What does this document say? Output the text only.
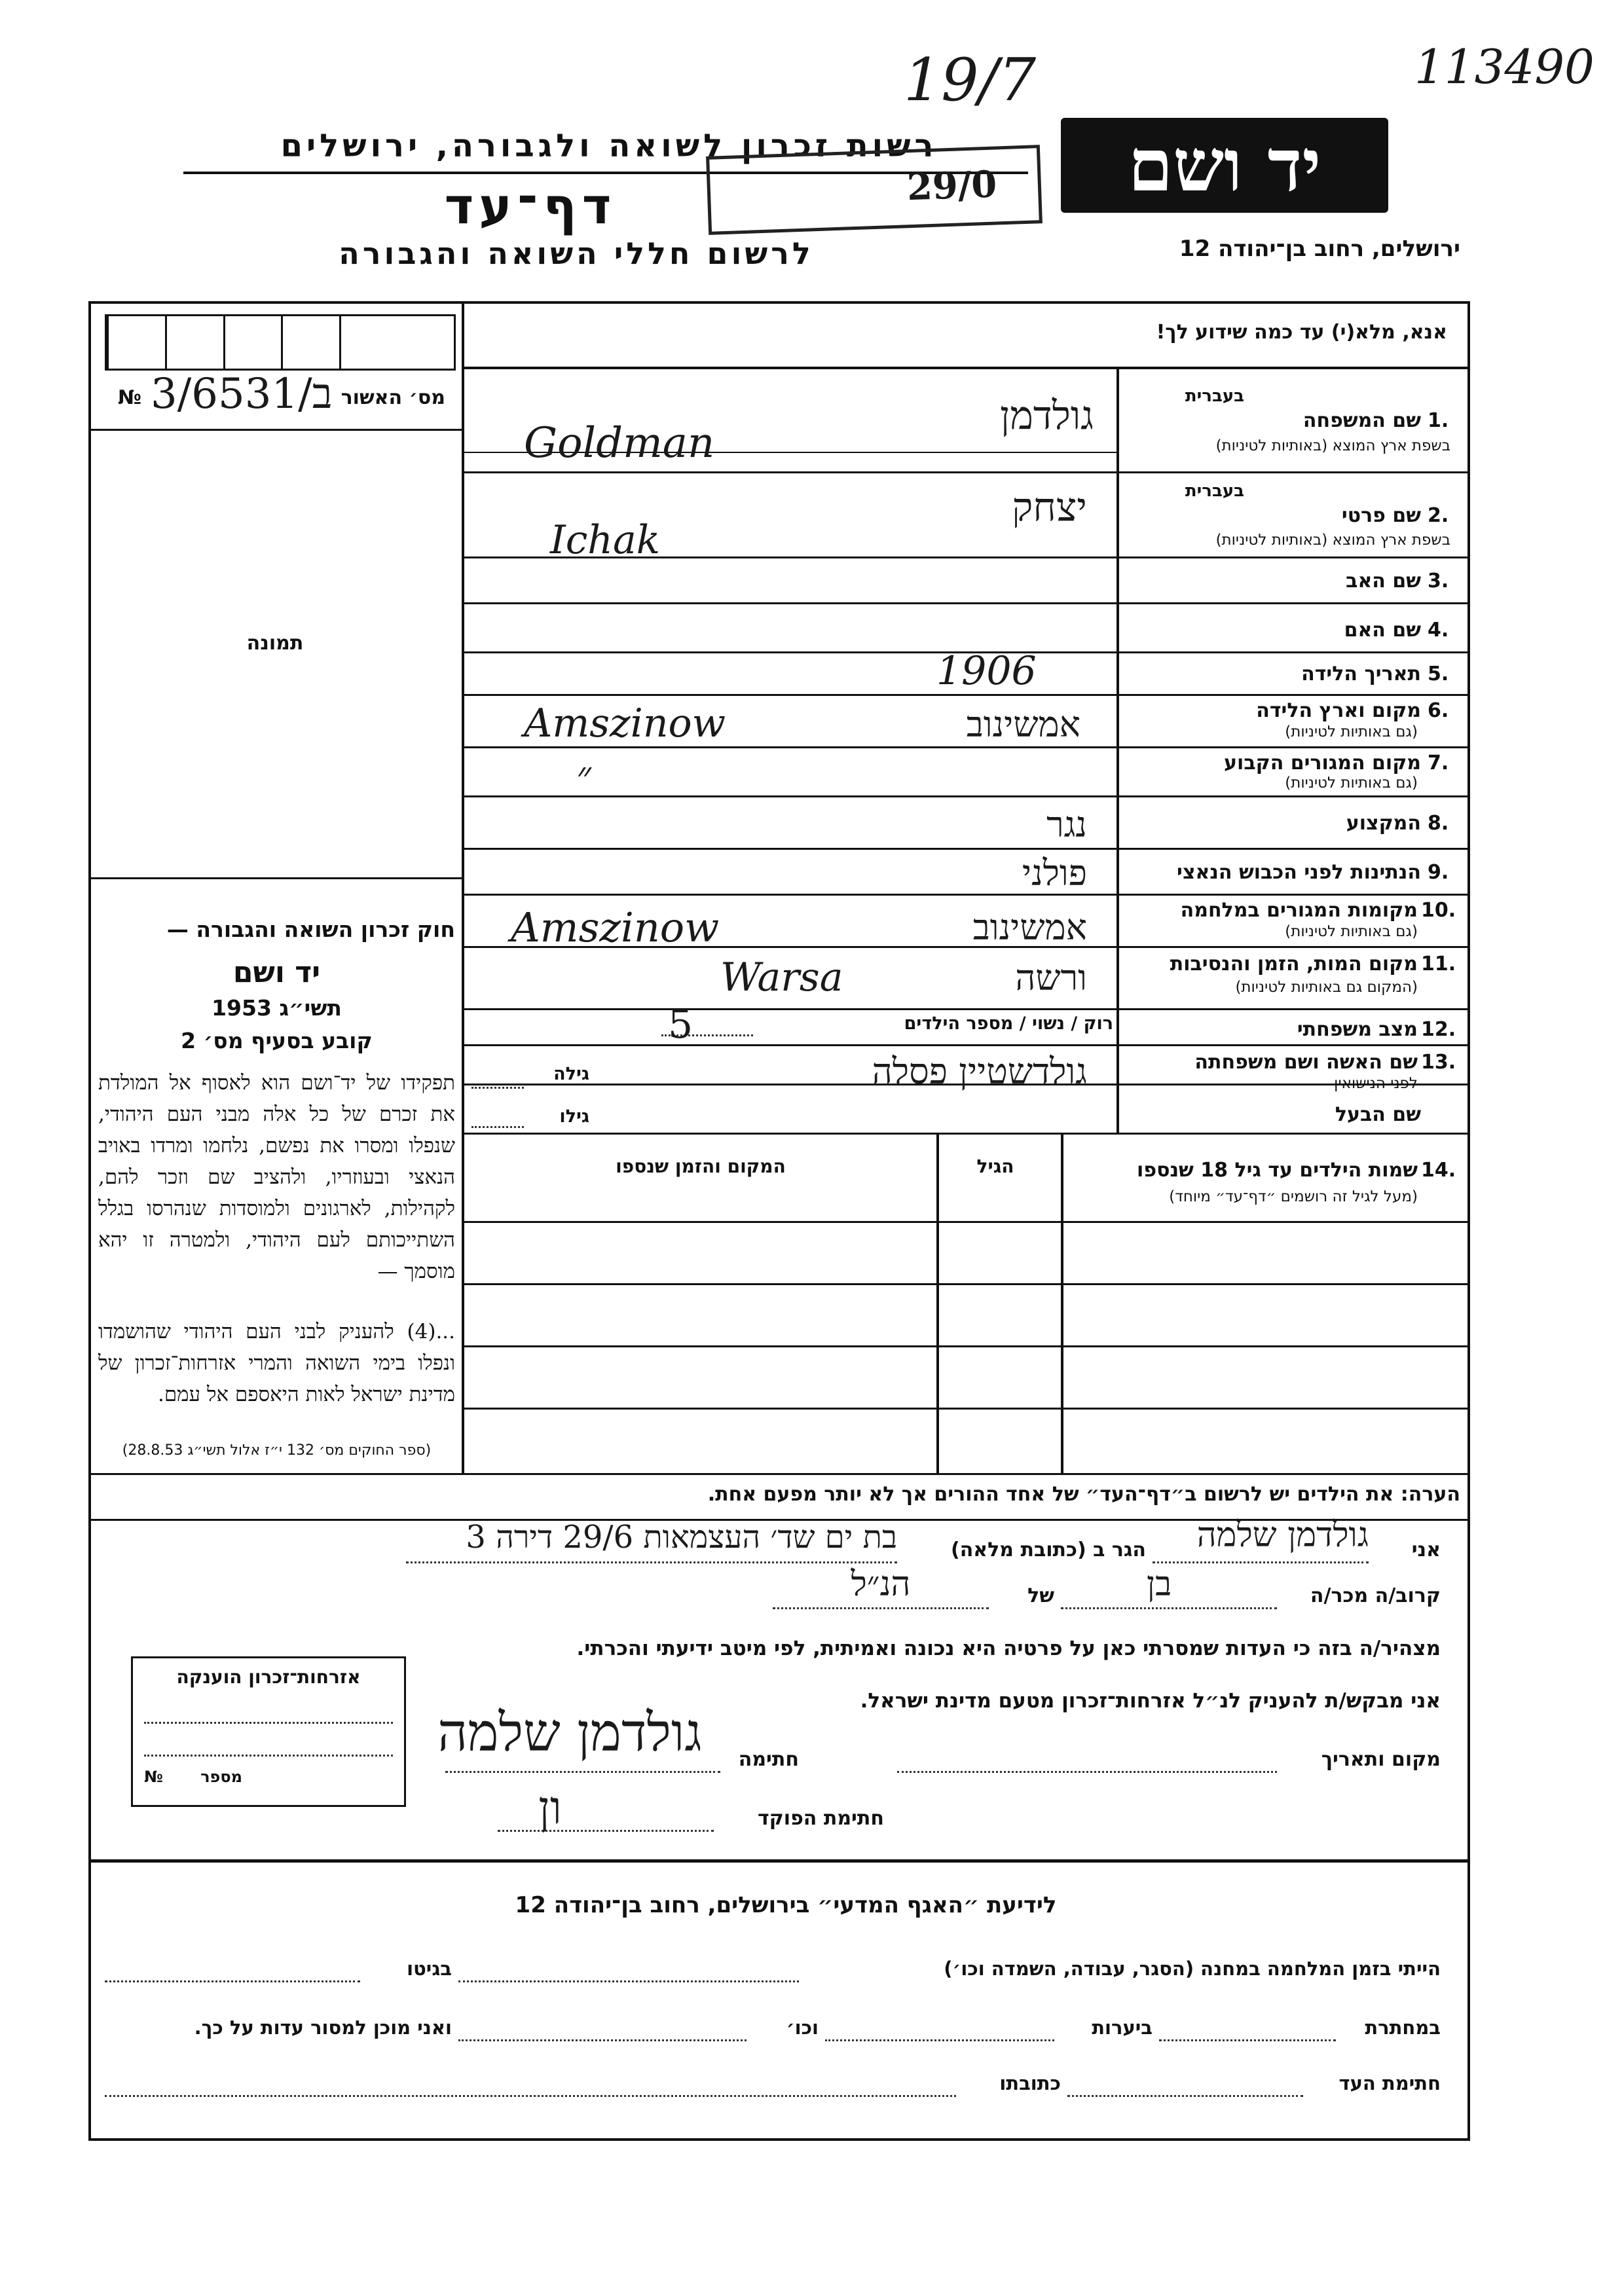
113490
19/7
יד ושם
ירושלים, רחוב בן־יהודה 12
רשות זכרון לשואה ולגבורה, ירושלים
29/0
דף־עד
לרשום חללי השואה והגבורה
№ 3/6531/ב מס׳ האשור
תמונה
חוק זכרון השואה והגבורה —
יד ושם
תשי״ג 1953
קובע בסעיף מס׳ 2
תפקידו של יד־ושם הוא לאסוף אל המולדת את זכרם של כל אלה מבני העם היהודי, שנפלו ומסרו את נפשם, נלחמו ומרדו באויב הנאצי ובעוזריו, ולהציב שם וזכר להם, לקהילות, לארגונים ולמוסדות שנהרסו בגלל השתייכותם לעם היהודי, ולמטרה זו יהא מוסמך —
...(4) להעניק לבני העם היהודי שהושמדו ונפלו בימי השואה והמרי אזרחות־זכרון של מדינת ישראל לאות היאספם אל עמם.
(ספר החוקים מס׳ 132 י״ז אלול תשי״ג 28.8.53)
אנא, מלא(י) עד כמה שידוע לך!
1.
שם המשפחה
בעברית
בשפת ארץ המוצא (באותיות לטיניות)
2.
שם פרטי
בעברית
בשפת ארץ המוצא (באותיות לטיניות)
3.
שם האב
4.
שם האם
5.
תאריך הלידה
6.
מקום וארץ הלידה
(גם באותיות לטיניות)
7.
מקום המגורים הקבוע
(גם באותיות לטיניות)
8.
המקצוע
9.
הנתינות לפני הכבוש הנאצי
10.
מקומות המגורים במלחמה
(גם באותיות לטיניות)
11.
מקום המות, הזמן והנסיבות
(המקום גם באותיות לטיניות)
12.
מצב משפחתי
רוק / נשוי / מספר הילדים
5
13.
שם האשה ושם משפחתה
לפני הנישואין
גילה	גולדשטיין פסלה
שם הבעל
גילו
גולדמן
Goldman
יצחק
Ichak
1906
אמשינוב
Amszinow
״
נגר
פולני
אמשינוב
Amszinow
ורשה
Warsa
14.
שמות הילדים עד גיל 18 שנספו
(מעל לגיל זה רושמים ״דף־עד״ מיוחד)
הגיל
המקום והזמן שנספו
הערה: את הילדים יש לרשום ב״דף־העד״ של אחד ההורים אך לא יותר מפעם אחת.
אני
גולדמן שלמה
הגר ב (כתובת מלאה)
בת ים שד׳ העצמאות 29/6 דירה 3
קרוב/ה מכר/ה
בן
של
הנ״ל
מצהיר/ה בזה כי העדות שמסרתי כאן על פרטיה היא נכונה ואמיתית, לפי מיטב ידיעתי והכרתי.
אני מבקש/ת להעניק לנ״ל אזרחות־זכרון מטעם מדינת ישראל.
מקום ותאריך
חתימה
גולדמן שלמה
חתימת הפוקד
ון
אזרחות־זכרון הוענקה
מספר
№
לידיעת ״האגף המדעי״ בירושלים, רחוב בן־יהודה 12
הייתי בזמן המלחמה במחנה (הסגר, עבודה, השמדה וכו׳)
בגיטו
במחתרת
ביערות
וכו׳
ואני מוכן למסור עדות על כך.
חתימת העד
כתובתו
